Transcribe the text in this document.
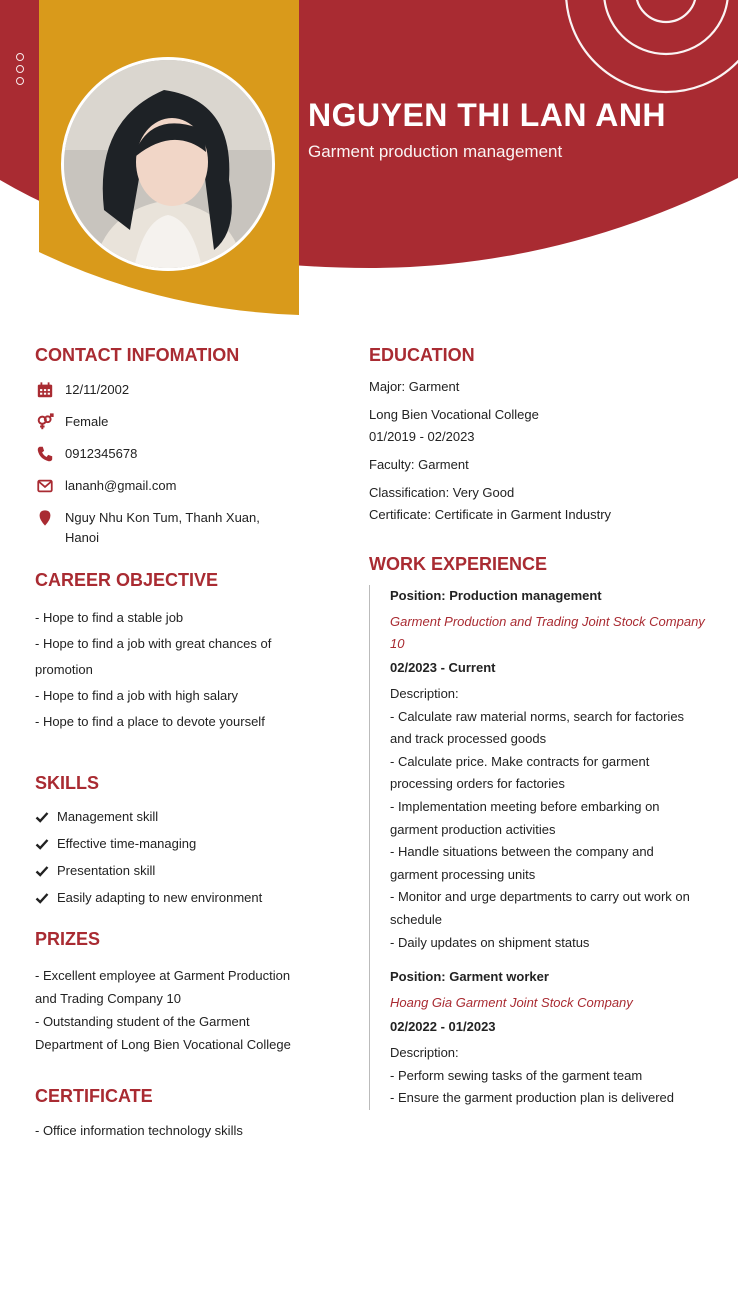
NGUYEN THI LAN ANH

Garment production management

CONTACT INFOMATION
12/11/2002
Female
0912345678
lananh@gmail.com
Nguy Nhu Kon Tum, Thanh Xuan, Hanoi
CAREER OBJECTIVE
- Hope to find a stable job
- Hope to find a job with great chances of
promotion
- Hope to find a job with high salary
- Hope to find a place to devote yourself
SKILLS
Management skill
Effective time-managing
Presentation skill
Easily adapting to new environment
PRIZES
- Excellent employee at Garment Production
and Trading Company 10
- Outstanding student of the Garment
Department of Long Bien Vocational College
CERTIFICATE
- Office information technology skills
EDUCATION
Major: Garment
Long Bien Vocational College
01/2019 - 02/2023
Faculty: Garment
Classification: Very Good
Certificate: Certificate in Garment Industry
WORK EXPERIENCE

Position: Production management

Garment Production and Trading Joint Stock Company 10

02/2023 - Current

Description:

- Calculate raw material norms, search for factories

and track processed goods

- Calculate price. Make contracts for garment

processing orders for factories

- Implementation meeting before embarking on

garment production activities

- Handle situations between the company and

garment processing units

- Monitor and urge departments to carry out work on

schedule

- Daily updates on shipment status

Position: Garment worker

Hoang Gia Garment Joint Stock Company

02/2022 - 01/2023

Description:

- Perform sewing tasks of the garment team

- Ensure the garment production plan is delivered
